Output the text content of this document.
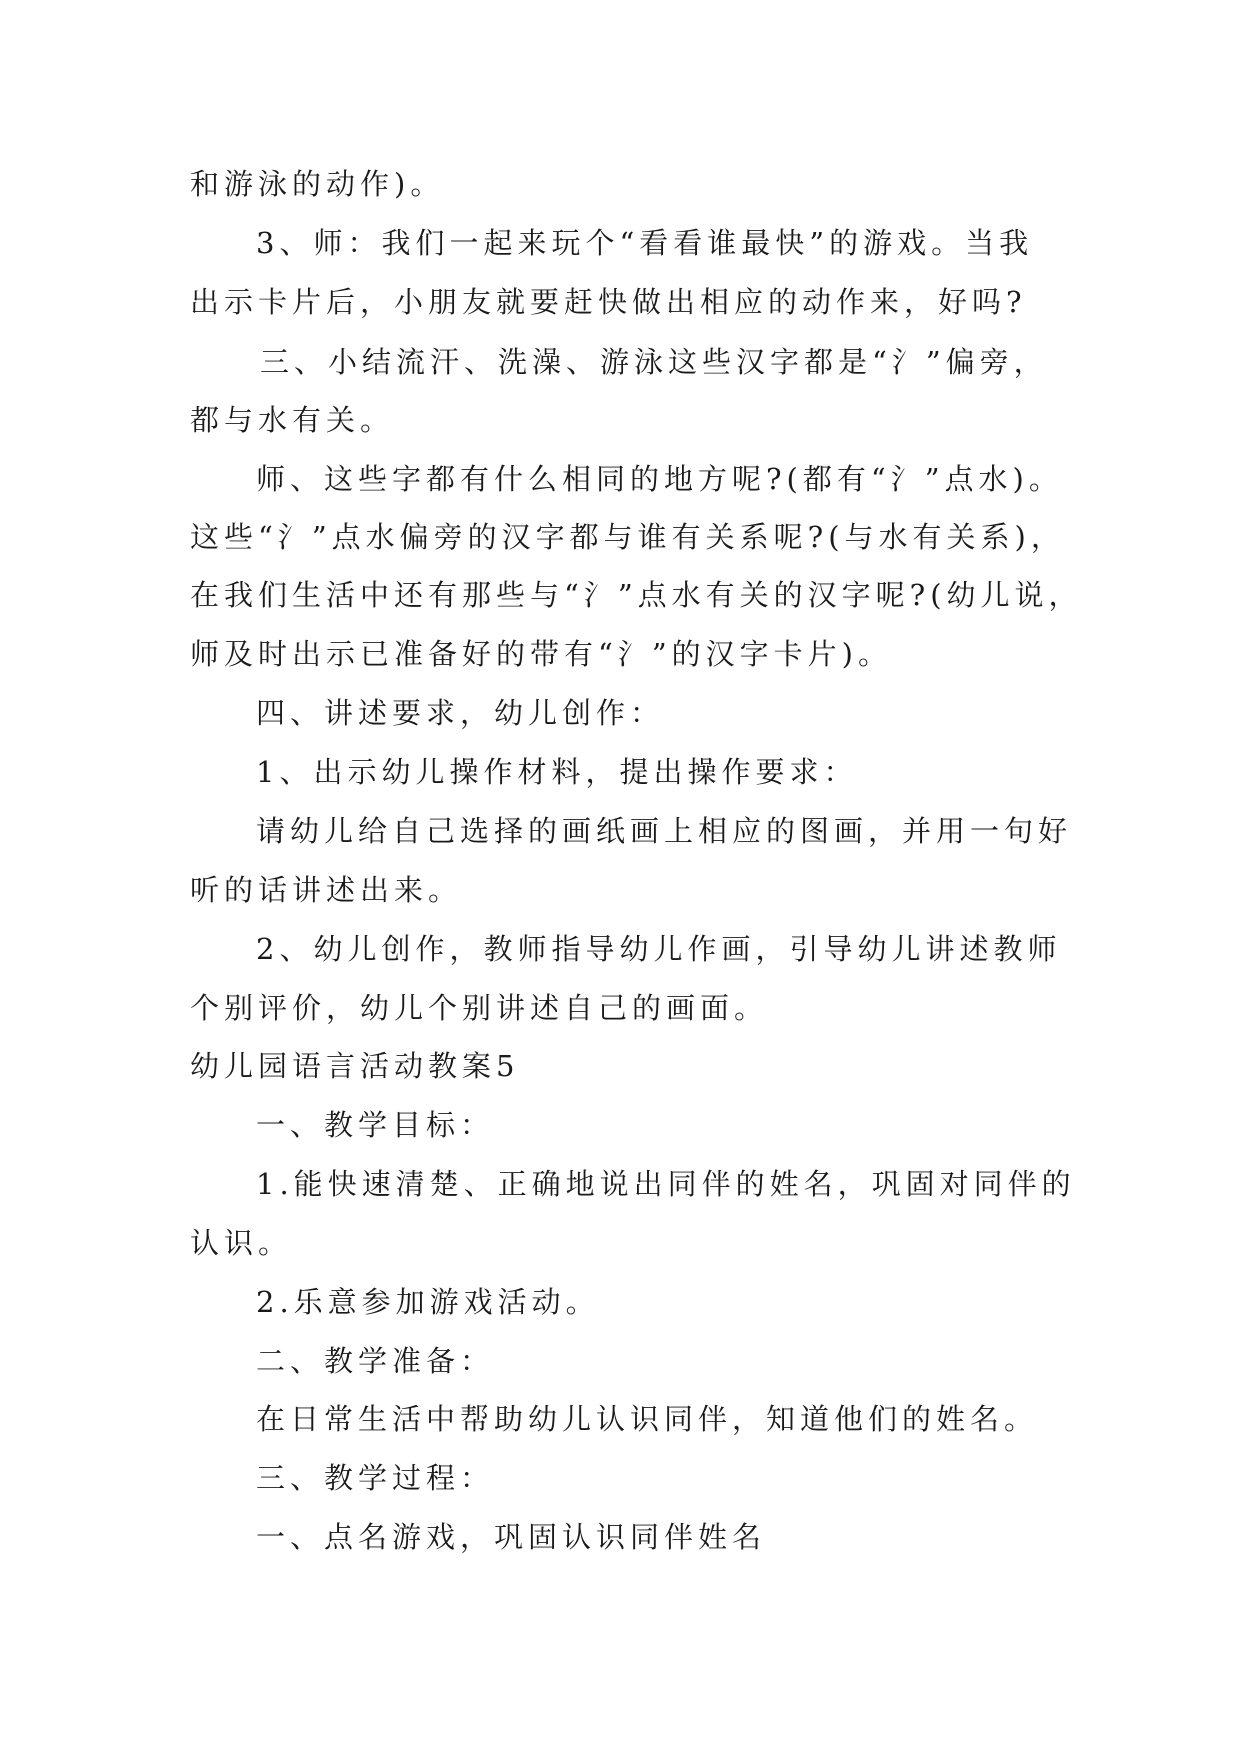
和游泳的动作)。
3、师：我们一起来玩个“看看谁最快”的游戏。当我
出示卡片后，小朋友就要赶快做出相应的动作来，好吗?
三、小结流汗、洗澡、游泳这些汉字都是“氵”偏旁，
都与水有关。
师、这些字都有什么相同的地方呢?(都有“氵”点水)。
这些“氵”点水偏旁的汉字都与谁有关系呢?(与水有关系)，
在我们生活中还有那些与“氵”点水有关的汉字呢?(幼儿说，
师及时出示已准备好的带有“氵”的汉字卡片)。
四、讲述要求，幼儿创作：
1、出示幼儿操作材料，提出操作要求：
请幼儿给自己选择的画纸画上相应的图画，并用一句好
听的话讲述出来。
2、幼儿创作，教师指导幼儿作画，引导幼儿讲述教师
个别评价，幼儿个别讲述自己的画面。
幼儿园语言活动教案5
一、教学目标：
1.能快速清楚、正确地说出同伴的姓名，巩固对同伴的
认识。
2.乐意参加游戏活动。
二、教学准备：
在日常生活中帮助幼儿认识同伴，知道他们的姓名。
三、教学过程：
一、点名游戏，巩固认识同伴姓名
